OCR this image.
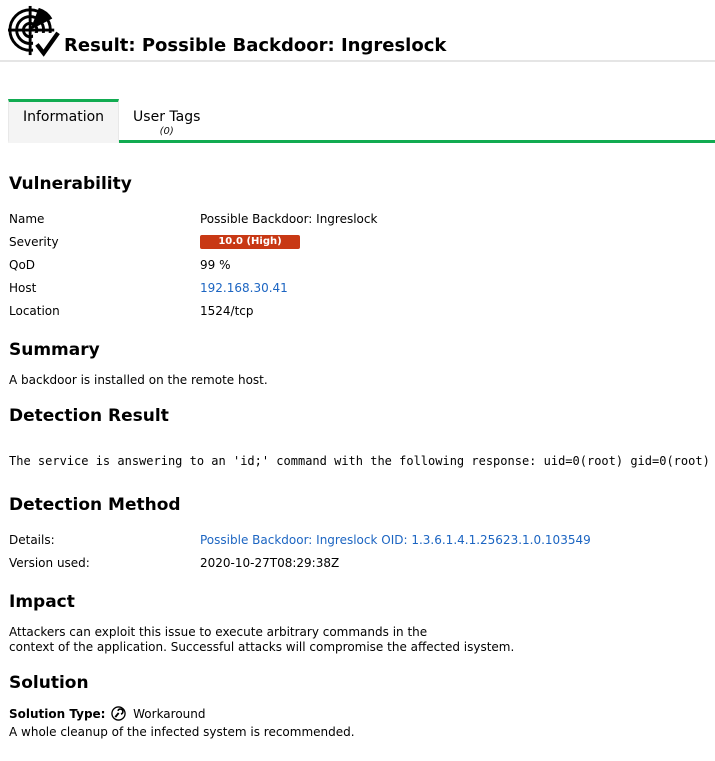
Result: Possible Backdoor: Ingreslock
Information User Tags
(0)
Vulnerability
Name	Possible Backdoor: Ingreslock
Severity	10.0 (High)

QoD	99 %
Host	192.168.30.41
Location	1524/tcp
Summary

A backdoor is installed on the remote host.

Detection Result
The service is answering to an 'id;' command with the following response: uid=0(root) gid=0(root)
Detection Method
Details:	Possible Backdoor: Ingreslock OID: 1.3.6.1.4.1.25623.1.0.103549
Version used:	2020-10-27T08:29:38Z
Impact

Attackers can exploit this issue to execute arbitrary commands in the
context of the application. Successful attacks will compromise the affected isystem.

Solution
Solution Type: Workaround
A whole cleanup of the infected system is recommended.
